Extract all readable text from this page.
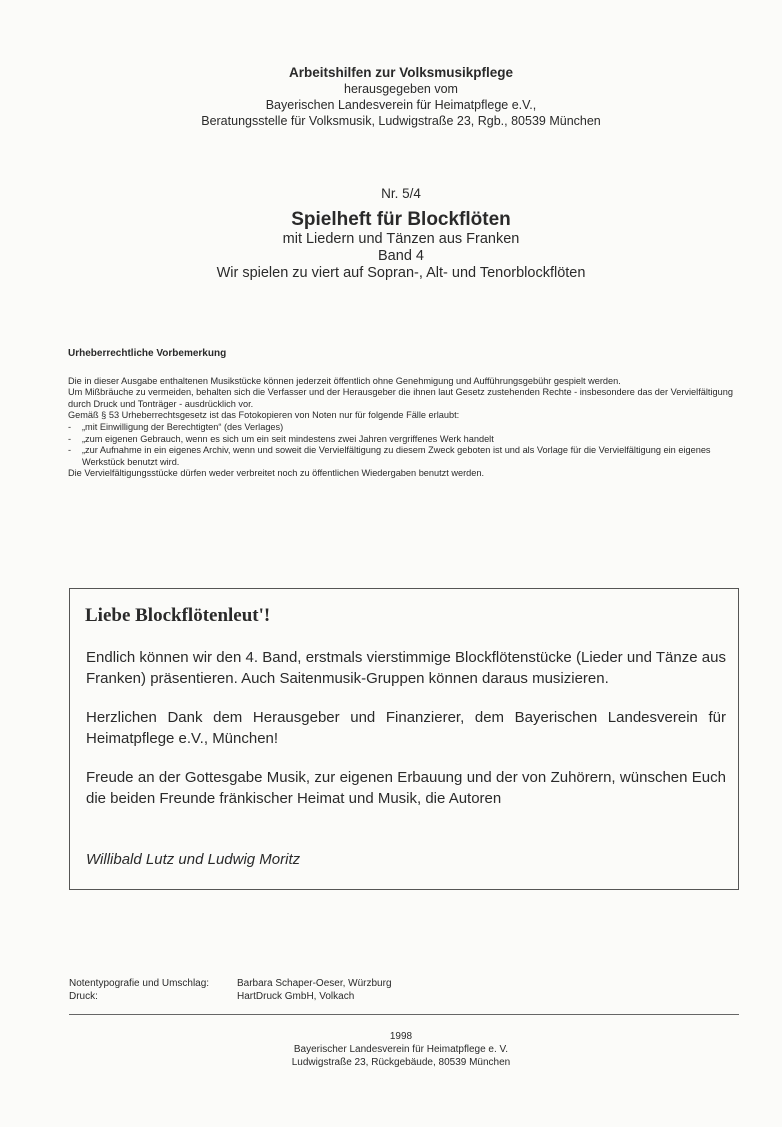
Arbeitshilfen zur Volksmusikpflege
herausgegeben vom
Bayerischen Landesverein für Heimatpflege e.V.,
Beratungsstelle für Volksmusik, Ludwigstraße 23, Rgb., 80539 München
Nr. 5/4
Spielheft für Blockflöten
mit Liedern und Tänzen aus Franken
Band 4
Wir spielen zu viert auf Sopran-, Alt- und Tenorblockflöten
Urheberrechtliche Vorbemerkung
Die in dieser Ausgabe enthaltenen Musikstücke können jederzeit öffentlich ohne Genehmigung und Aufführungsgebühr gespielt werden.
Um Mißbräuche zu vermeiden, behalten sich die Verfasser und der Herausgeber die ihnen laut Gesetz zustehenden Rechte - insbesondere das der Vervielfältigung durch Druck und Tonträger - ausdrücklich vor.
Gemäß § 53 Urheberrechtsgesetz ist das Fotokopieren von Noten nur für folgende Fälle erlaubt:
-	„mit Einwilligung der Berechtigten“ (des Verlages)
-	„zum eigenen Gebrauch, wenn es sich um ein seit mindestens zwei Jahren vergriffenes Werk handelt
-	„zur Aufnahme in ein eigenes Archiv, wenn und soweit die Vervielfältigung zu diesem Zweck geboten ist und als Vorlage für die Vervielfältigung ein eigenes Werkstück benutzt wird.
Die Vervielfältigungsstücke dürfen weder verbreitet noch zu öffentlichen Wiedergaben benutzt werden.
Liebe Blockflötenleut'!
Endlich können wir den 4. Band, erstmals vierstimmige Blockflötenstücke (Lieder und Tänze aus Franken) präsentieren. Auch Saitenmusik-Gruppen können daraus musizieren.
Herzlichen Dank dem Herausgeber und Finanzierer, dem Bayerischen Landesverein für Heimatpflege e.V., München!
Freude an der Gottesgabe Musik, zur eigenen Erbauung und der von Zuhörern, wünschen Euch die beiden Freunde fränkischer Heimat und Musik, die Autoren
Willibald Lutz und Ludwig Moritz
Notentypografie und Umschlag:	Barbara Schaper-Oeser, Würzburg
Druck:	HartDruck GmbH, Volkach
1998
Bayerischer Landesverein für Heimatpflege e. V.
Ludwigstraße 23, Rückgebäude, 80539 München
